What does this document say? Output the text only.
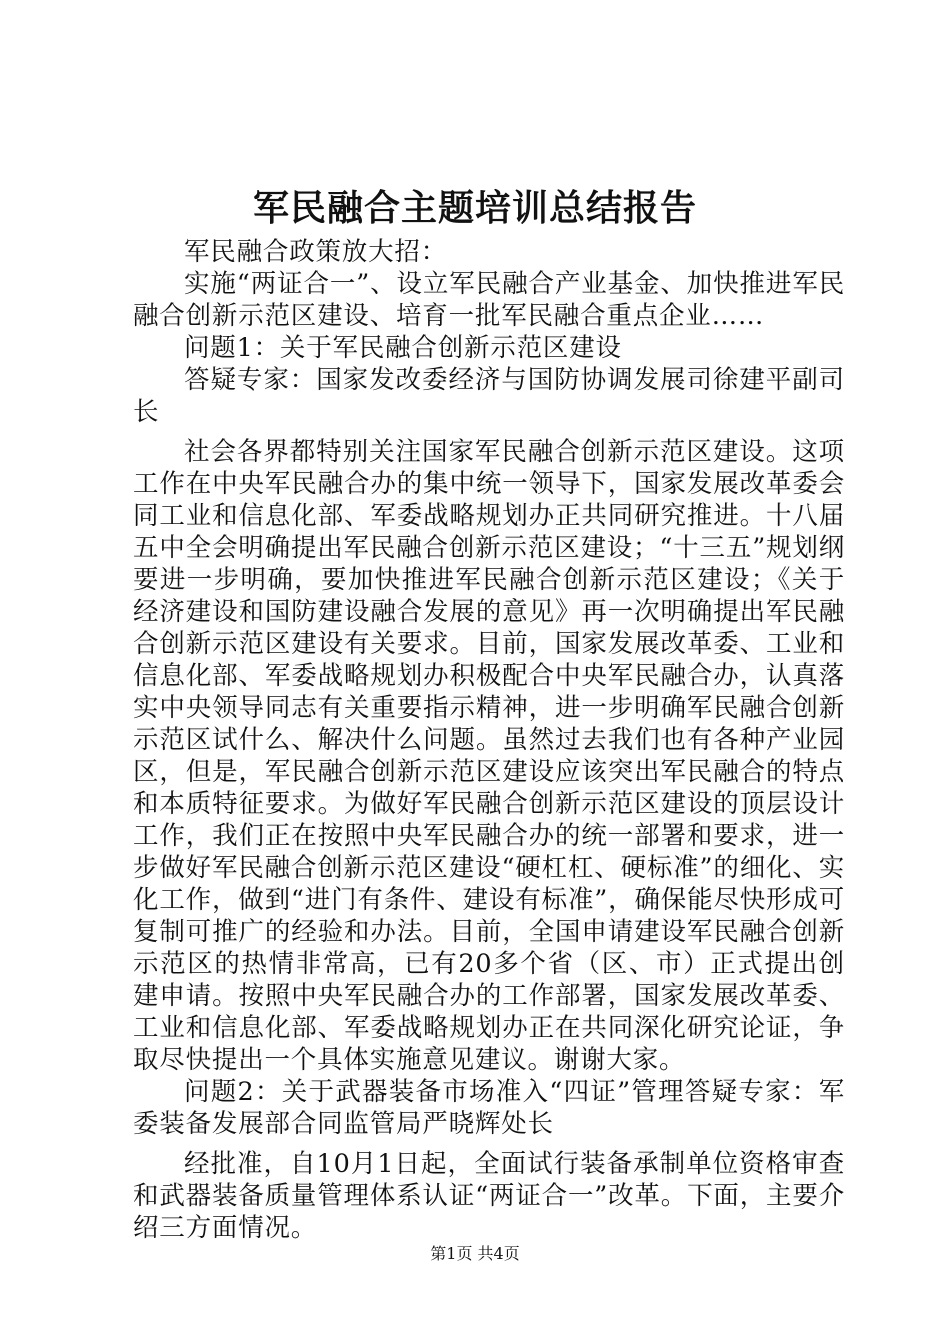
军民融合主题培训总结报告

军民融合政策放大招：

实施“两证合一”、设立军民融合产业基金、加快推进军民融合创新示范区建设、培育一批军民融合重点企业……

问题1：关于军民融合创新示范区建设

答疑专家：国家发改委经济与国防协调发展司徐建平副司长

社会各界都特别关注国家军民融合创新示范区建设。这项工作在中央军民融合办的集中统一领导下，国家发展改革委会同工业和信息化部、军委战略规划办正共同研究推进。十八届五中全会明确提出军民融合创新示范区建设；“十三五”规划纲要进一步明确，要加快推进军民融合创新示范区建设；《关于经济建设和国防建设融合发展的意见》再一次明确提出军民融合创新示范区建设有关要求。目前，国家发展改革委、工业和信息化部、军委战略规划办积极配合中央军民融合办，认真落实中央领导同志有关重要指示精神，进一步明确军民融合创新示范区试什么、解决什么问题。虽然过去我们也有各种产业园区，但是，军民融合创新示范区建设应该突出军民融合的特点和本质特征要求。为做好军民融合创新示范区建设的顶层设计工作，我们正在按照中央军民融合办的统一部署和要求，进一步做好军民融合创新示范区建设“硬杠杠、硬标准”的细化、实化工作，做到“进门有条件、建设有标准”，确保能尽快形成可复制可推广的经验和办法。目前，全国申请建设军民融合创新示范区的热情非常高，已有20多个省（区、市）正式提出创建申请。按照中央军民融合办的工作部署，国家发展改革委、工业和信息化部、军委战略规划办正在共同深化研究论证，争取尽快提出一个具体实施意见建议。谢谢大家。

问题2：关于武器装备市场准入“四证”管理答疑专家：军委装备发展部合同监管局严晓辉处长

经批准，自10月1日起，全面试行装备承制单位资格审查和武器装备质量管理体系认证“两证合一”改革。下面，主要介绍三方面情况。

第1页 共4页
